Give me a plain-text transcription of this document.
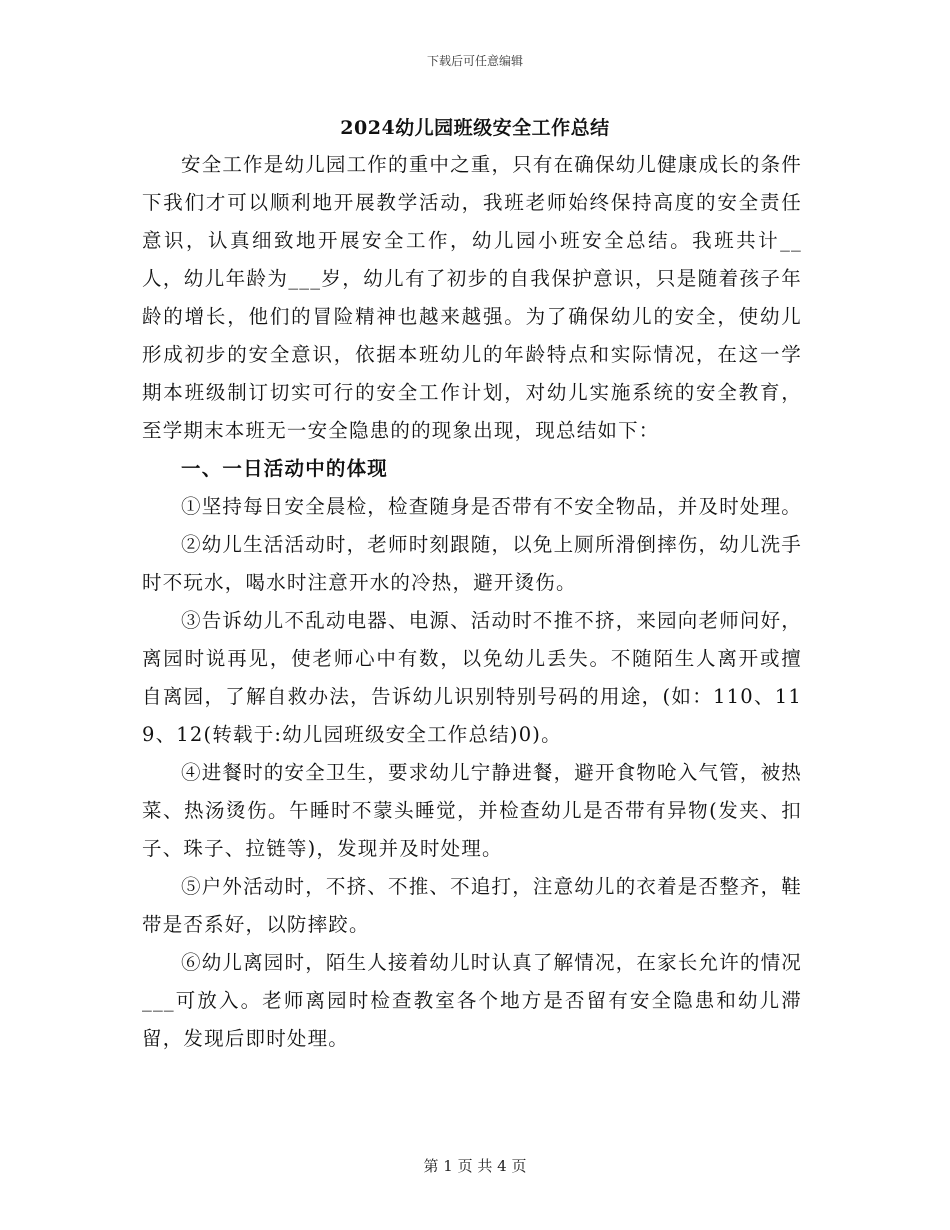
下载后可任意编辑
2024幼儿园班级安全工作总结

安全工作是幼儿园工作的重中之重，只有在确保幼儿健康成长的条件下我们才可以顺利地开展教学活动，我班老师始终保持高度的安全责任意识，认真细致地开展安全工作，幼儿园小班安全总结。我班共计__人，幼儿年龄为___岁，幼儿有了初步的自我保护意识，只是随着孩子年龄的增长，他们的冒险精神也越来越强。为了确保幼儿的安全，使幼儿形成初步的安全意识，依据本班幼儿的年龄特点和实际情况，在这一学期本班级制订切实可行的安全工作计划，对幼儿实施系统的安全教育，至学期末本班无一安全隐患的的现象出现，现总结如下：

一、一日活动中的体现

①坚持每日安全晨检，检查随身是否带有不安全物品，并及时处理。

②幼儿生活活动时，老师时刻跟随，以免上厕所滑倒摔伤，幼儿洗手时不玩水，喝水时注意开水的冷热，避开烫伤。

③告诉幼儿不乱动电器、电源、活动时不推不挤，来园向老师问好，离园时说再见，使老师心中有数，以免幼儿丢失。不随陌生人离开或擅自离园，了解自救办法，告诉幼儿识别特别号码的用途，(如：110、119、12(转载于:幼儿园班级安全工作总结)0)。

④进餐时的安全卫生，要求幼儿宁静进餐，避开食物呛入气管，被热菜、热汤烫伤。午睡时不蒙头睡觉，并检查幼儿是否带有异物(发夹、扣子、珠子、拉链等)，发现并及时处理。

⑤户外活动时，不挤、不推、不追打，注意幼儿的衣着是否整齐，鞋带是否系好，以防摔跤。

⑥幼儿离园时，陌生人接着幼儿时认真了解情况，在家长允许的情况___可放入。老师离园时检查教室各个地方是否留有安全隐患和幼儿滞留，发现后即时处理。

第 1 页 共 4 页
